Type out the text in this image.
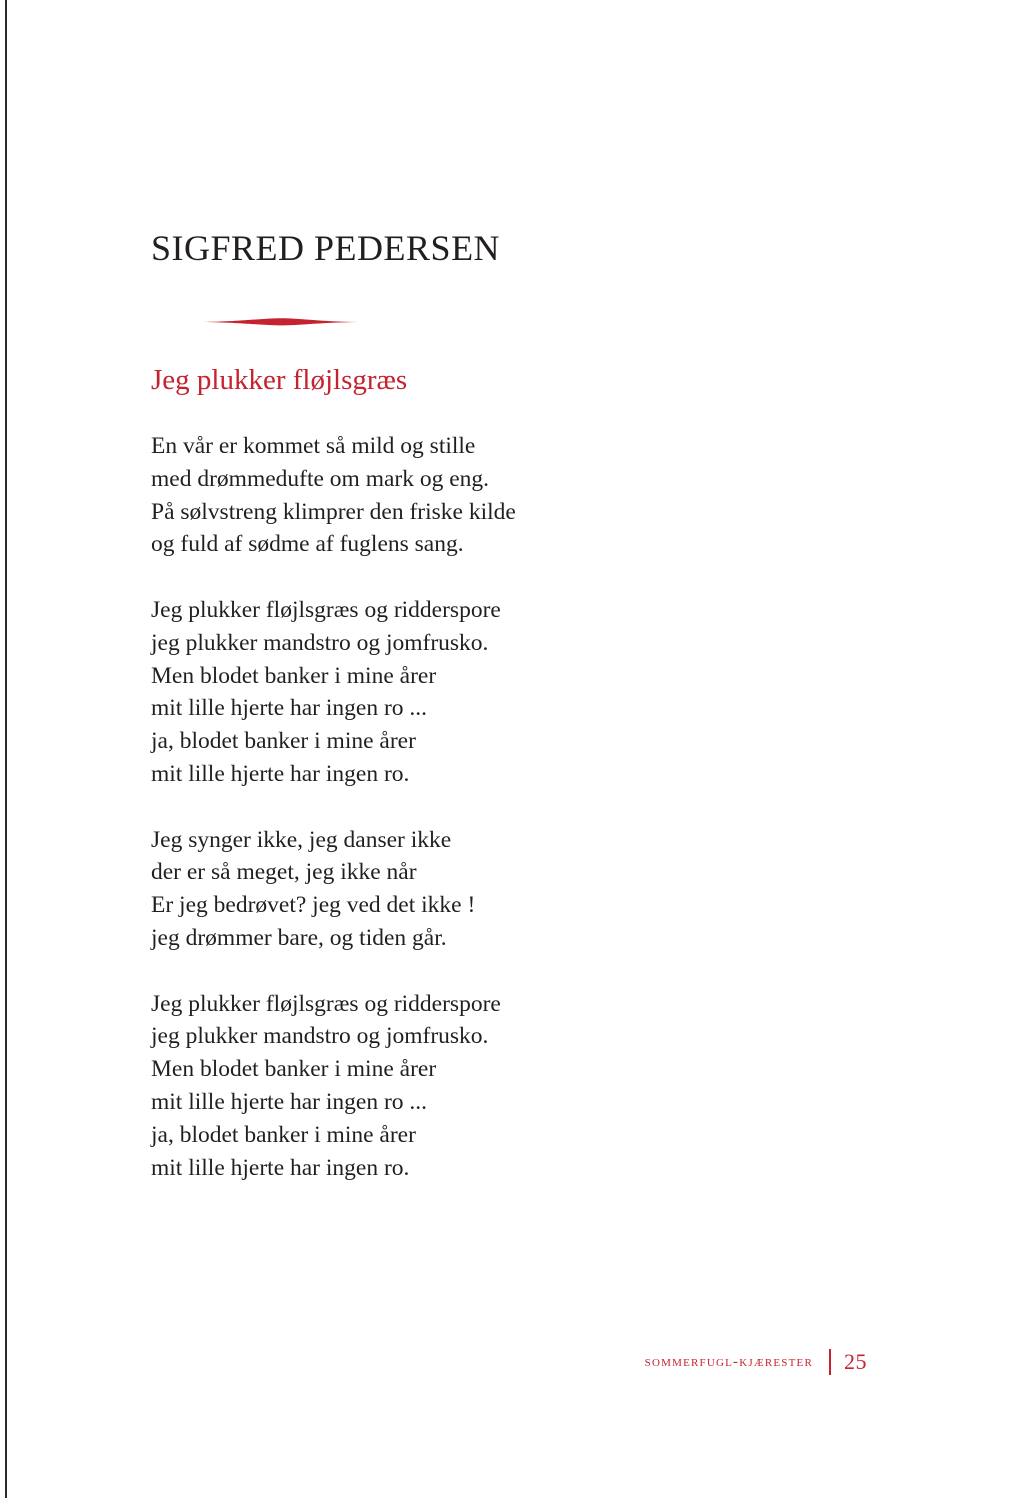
SIGFRED PEDERSEN
Jeg plukker fløjlsgræs

En vår er kommet så mild og stille
med drømmedufte om mark og eng.
På sølvstreng klimprer den friske kilde
og fuld af sødme af fuglens sang.

Jeg plukker fløjlsgræs og ridderspore
jeg plukker mandstro og jomfrusko.
Men blodet banker i mine årer
mit lille hjerte har ingen ro ...
ja, blodet banker i mine årer
mit lille hjerte har ingen ro.

Jeg synger ikke, jeg danser ikke
der er så meget, jeg ikke når
Er jeg bedrøvet? jeg ved det ikke !
jeg drømmer bare, og tiden går.

Jeg plukker fløjlsgræs og ridderspore
jeg plukker mandstro og jomfrusko.
Men blodet banker i mine årer
mit lille hjerte har ingen ro ...
ja, blodet banker i mine årer
mit lille hjerte har ingen ro.

sommerfugl-kjærester 25
